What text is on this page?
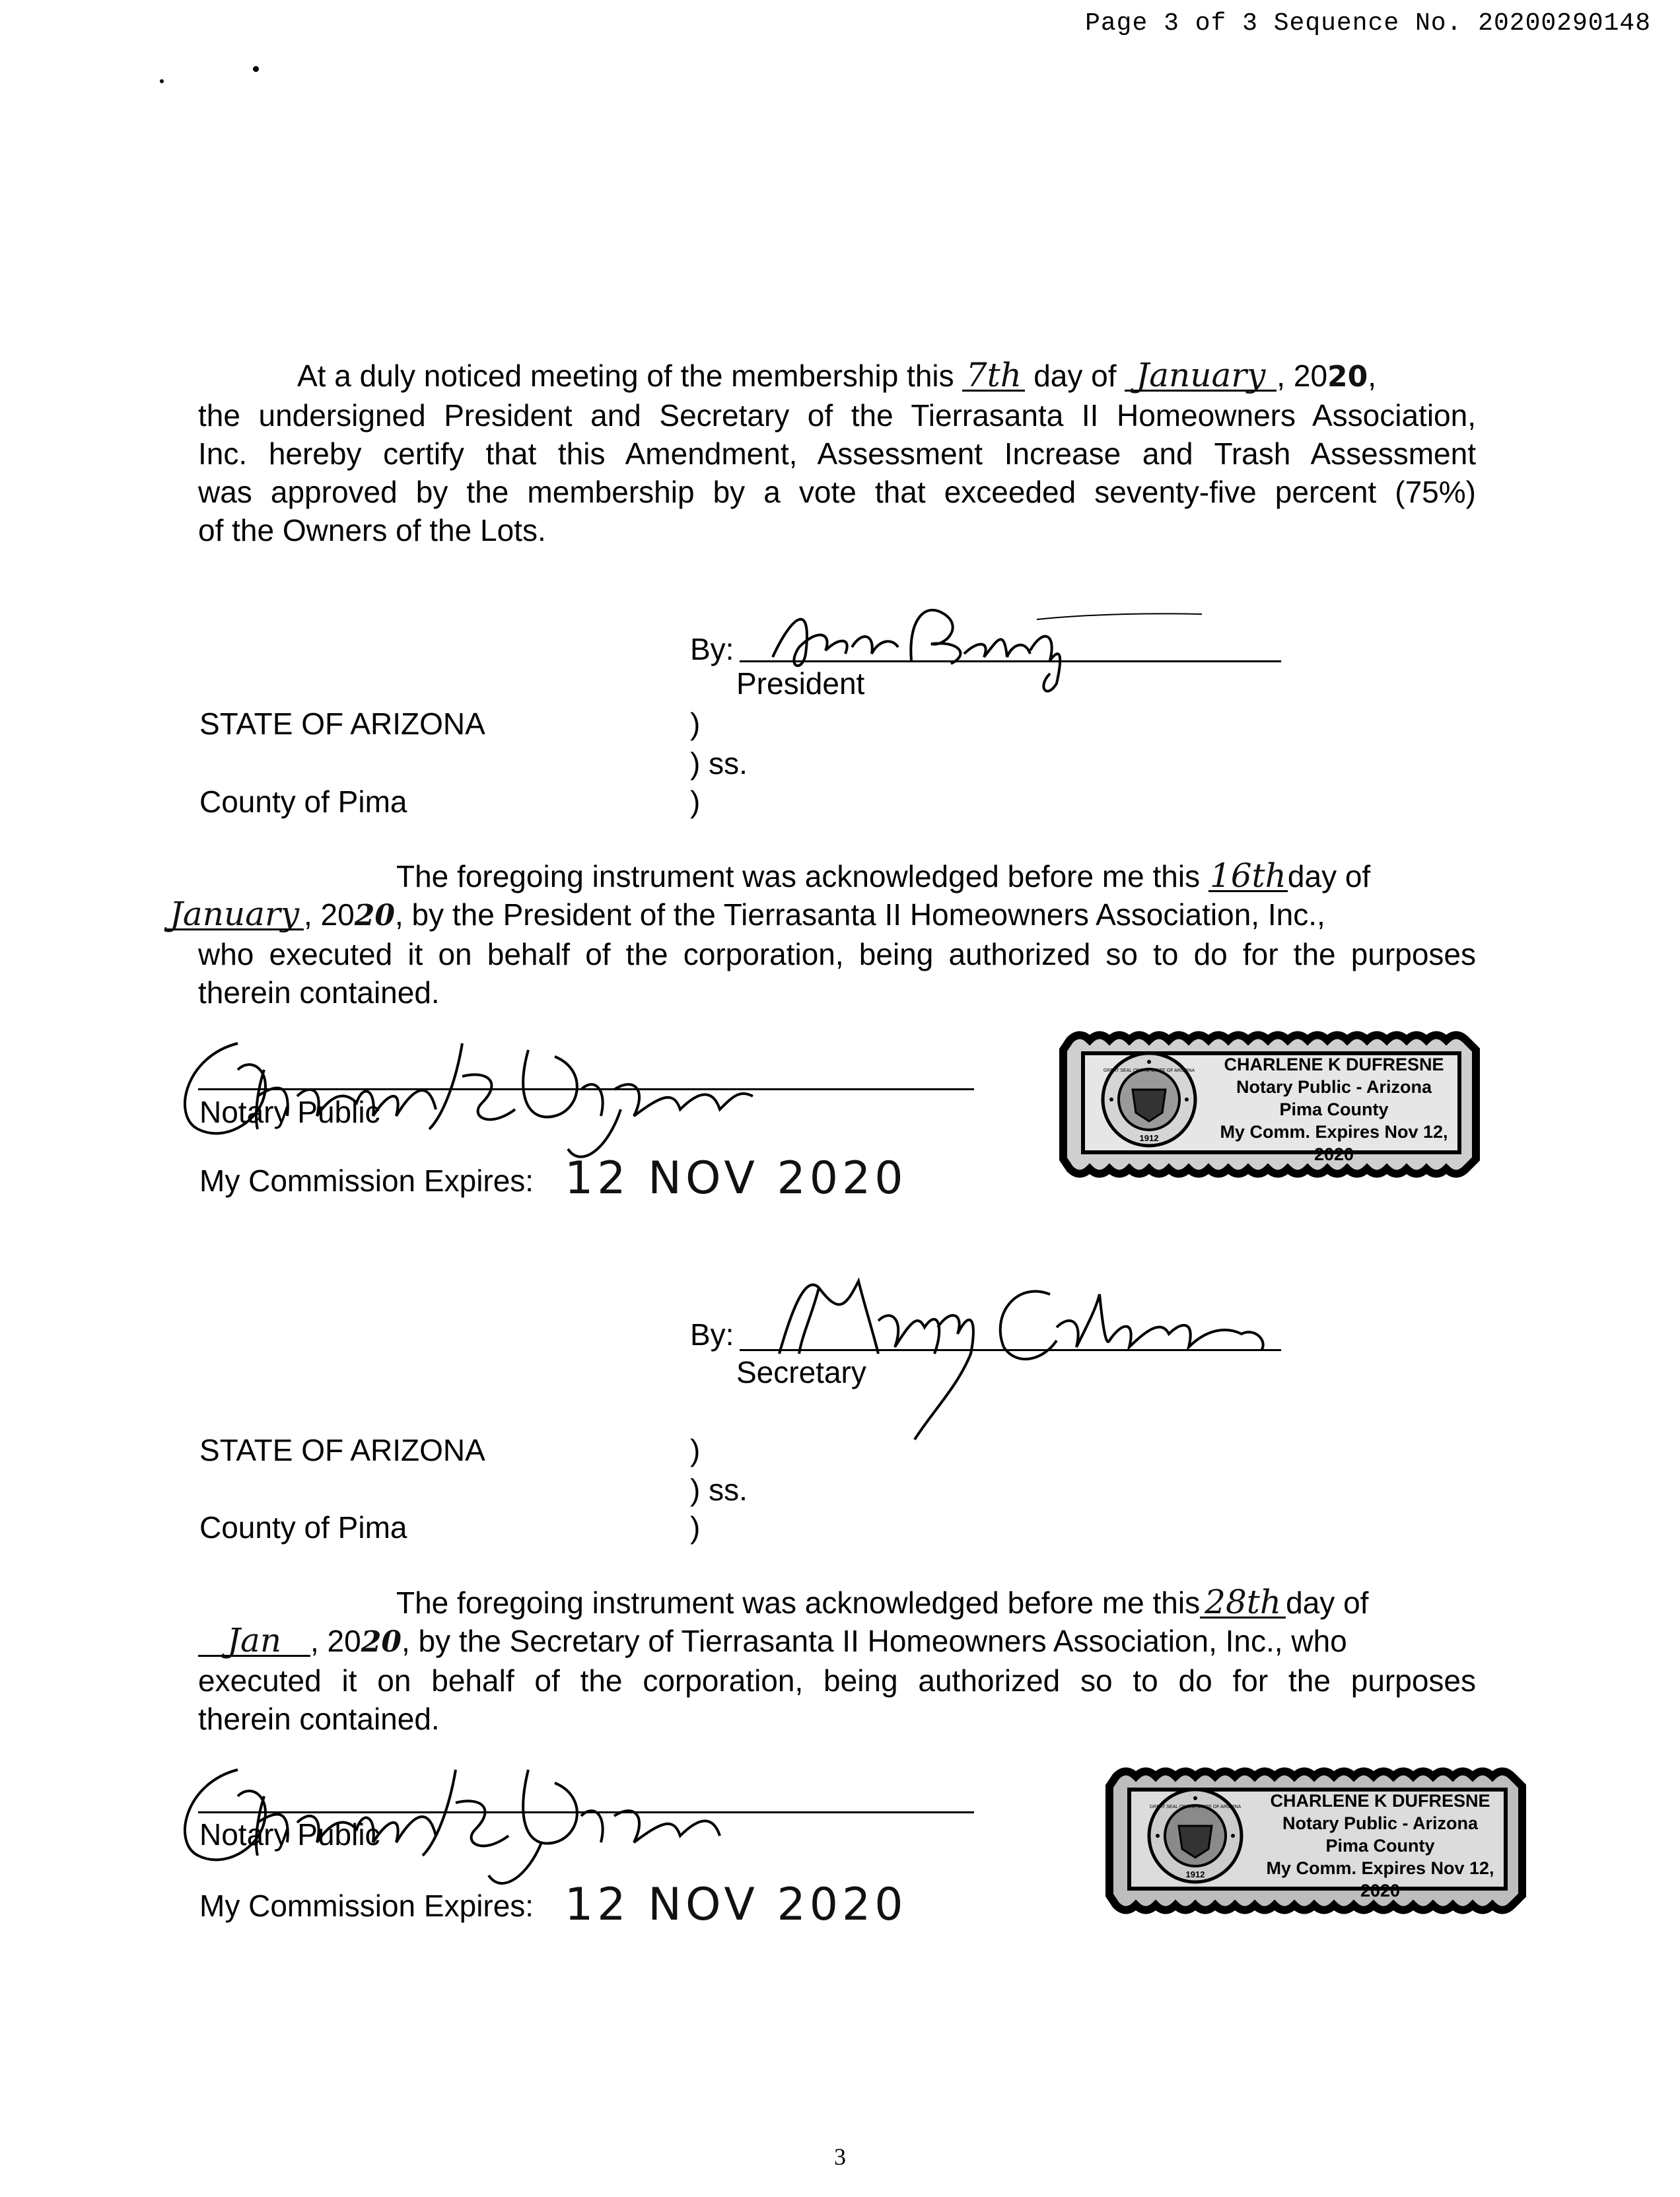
Page 3 of 3 Sequence No. 20200290148
At a duly noticed meeting of the membership this 7th day of January , 2020,
the undersigned President and Secretary of the Tierrasanta II Homeowners Association,
Inc. hereby certify that this Amendment, Assessment Increase and Trash Assessment
was approved by the membership by a vote that exceeded seventy-five percent (75%)
of the Owners of the Lots.
By:
President
STATE OF ARIZONA	)
) ss.
County of Pima	)
The foregoing instrument was acknowledged before me this 16thday of
January , 2020, by the President of the Tierrasanta II Homeowners Association, Inc.,
who executed it on behalf of the corporation, being authorized so to do for the purposes
therein contained.
Notary Public
My Commission Expires: 12 NOV 2020
1912
GREAT SEAL OF THE STATE OF ARIZONA	CHARLENE K DUFRESNE
Notary Public - Arizona
Pima County
My Comm. Expires Nov 12, 2020
By:
Secretary
STATE OF ARIZONA	)
) ss.
County of Pima	)
The foregoing instrument was acknowledged before me this 28th day of
Jan , 2020, by the Secretary of Tierrasanta II Homeowners Association, Inc., who
executed it on behalf of the corporation, being authorized so to do for the purposes
therein contained.
Notary Public
My Commission Expires: 12 NOV 2020
1912
GREAT SEAL OF THE STATE OF ARIZONA	CHARLENE K DUFRESNE
Notary Public - Arizona
Pima County
My Comm. Expires Nov 12, 2020
3
